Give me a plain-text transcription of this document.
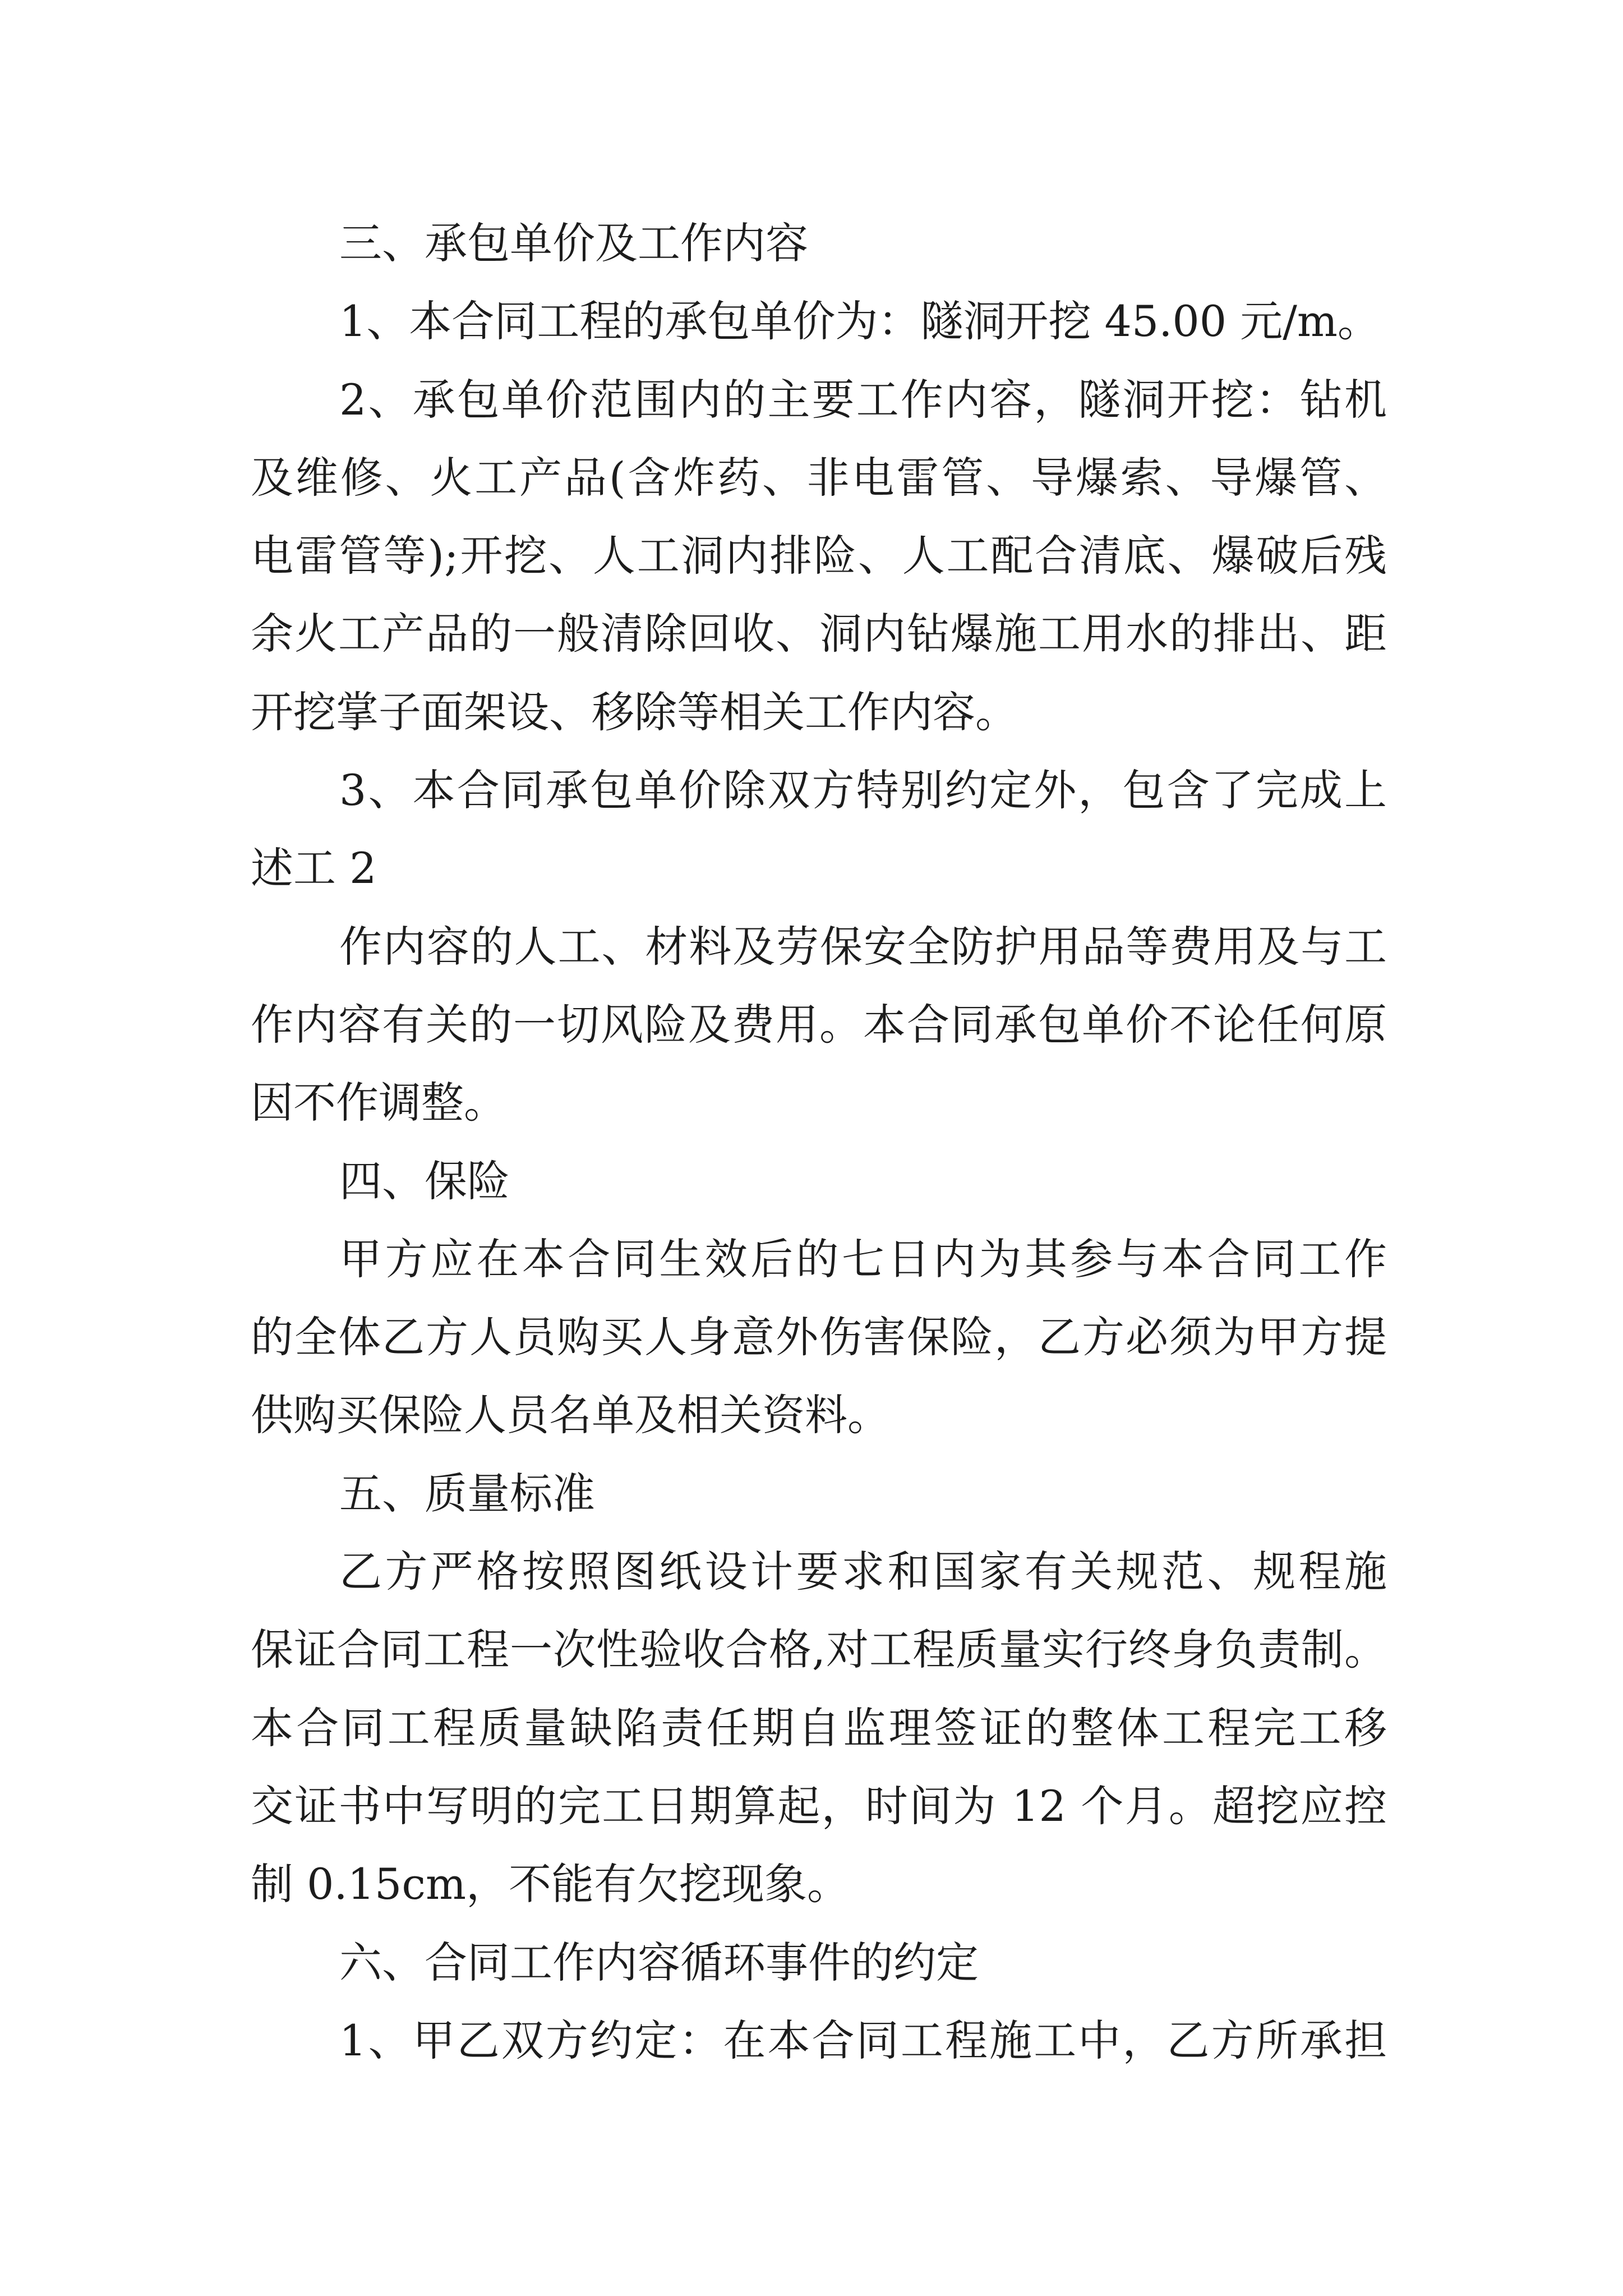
三、承包单价及工作内容
1、本合同工程的承包单价为：隧洞开挖 45.00 元/m。
2、承包单价范围内的主要工作内容，隧洞开挖：钻机
及维修、火工产品(含炸药、非电雷管、导爆索、导爆管、
电雷管等);开挖、人工洞内排险、人工配合清底、爆破后残
余火工产品的一般清除回收、洞内钻爆施工用水的排出、距
开挖掌子面架设、移除等相关工作内容。
3、本合同承包单价除双方特别约定外，包含了完成上
述工 2
作内容的人工、材料及劳保安全防护用品等费用及与工
作内容有关的一切风险及费用。本合同承包单价不论任何原
因不作调整。
四、保险
甲方应在本合同生效后的七日内为其参与本合同工作
的全体乙方人员购买人身意外伤害保险，乙方必须为甲方提
供购买保险人员名单及相关资料。
五、质量标准
乙方严格按照图纸设计要求和国家有关规范、规程施
保证合同工程一次性验收合格,对工程质量实行终身负责制。
本合同工程质量缺陷责任期自监理签证的整体工程完工移
交证书中写明的完工日期算起，时间为 12 个月。超挖应控
制 0.15cm，不能有欠挖现象。
六、合同工作内容循环事件的约定
1、甲乙双方约定：在本合同工程施工中，乙方所承担
